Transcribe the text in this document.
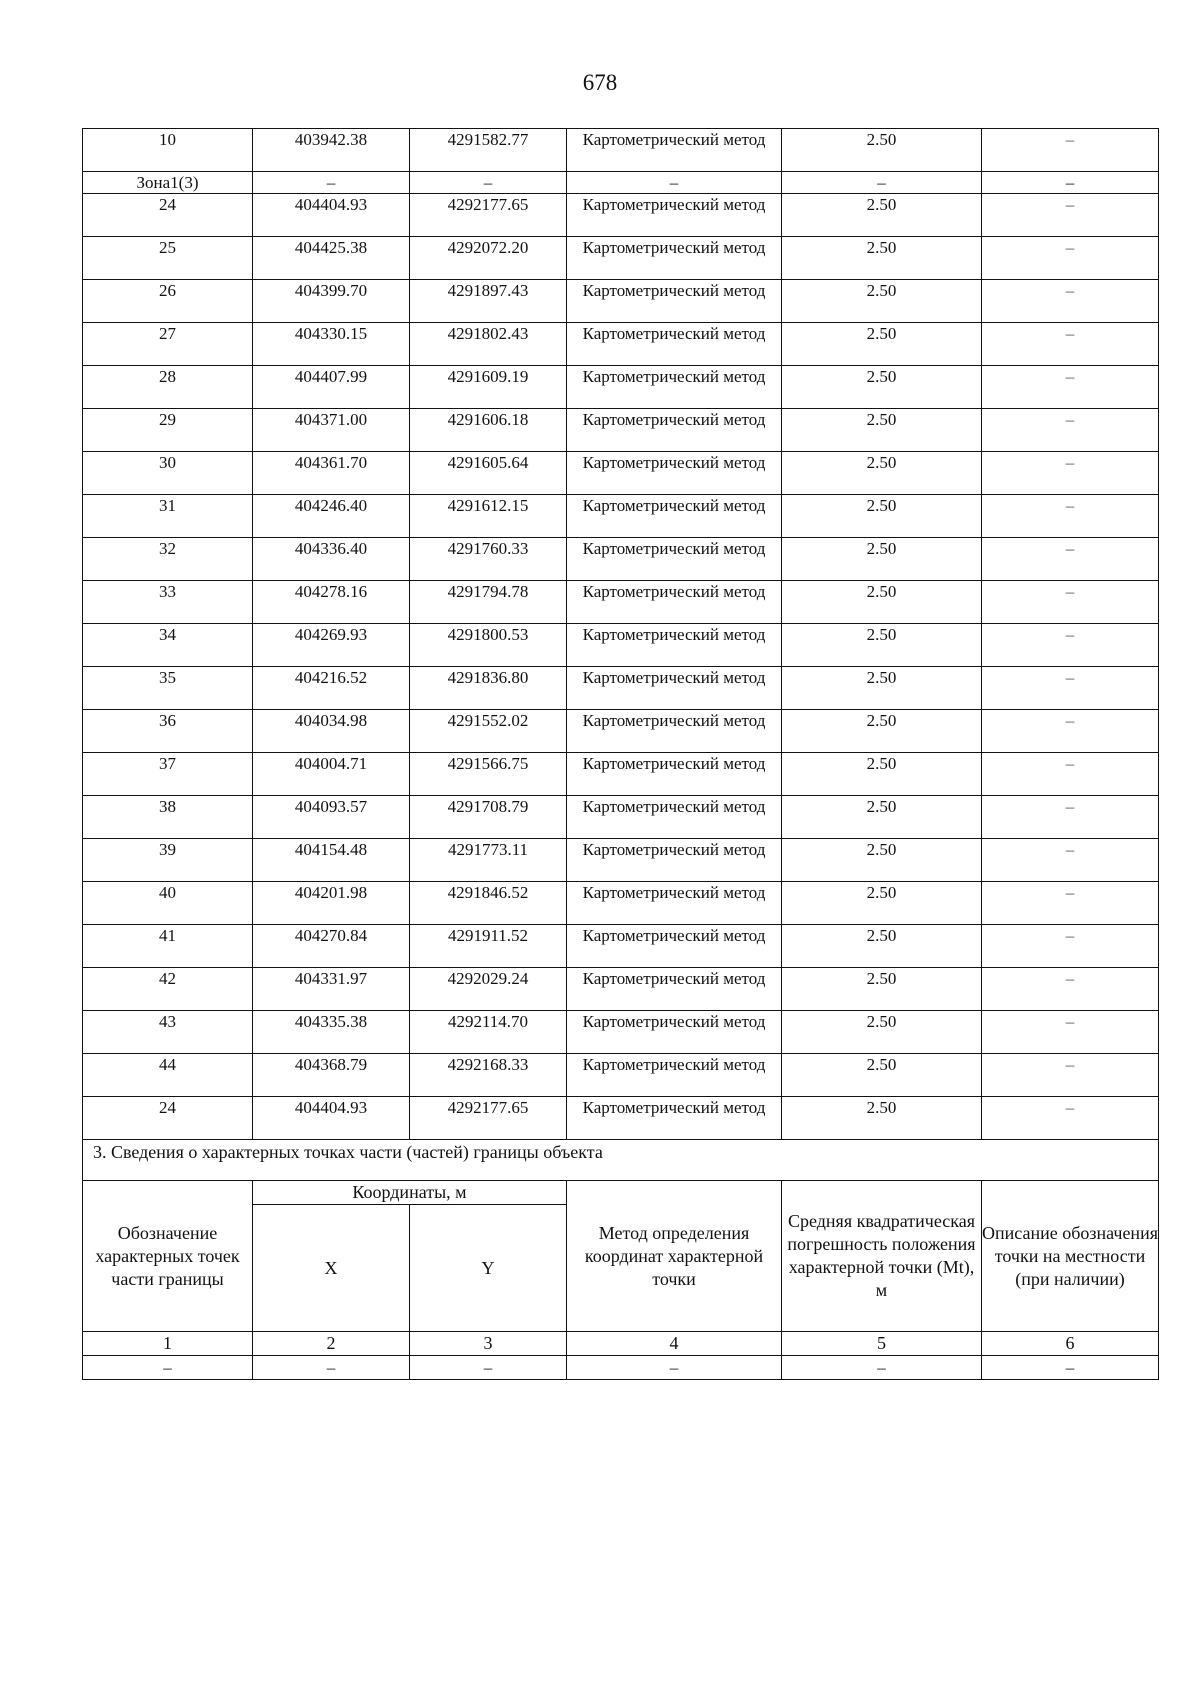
678
10	403942.38	4291582.77	Картометрический метод	2.50	–
Зона1(3)	–	–	–	–	–
24	404404.93	4292177.65	Картометрический метод	2.50	–
25	404425.38	4292072.20	Картометрический метод	2.50	–
26	404399.70	4291897.43	Картометрический метод	2.50	–
27	404330.15	4291802.43	Картометрический метод	2.50	–
28	404407.99	4291609.19	Картометрический метод	2.50	–
29	404371.00	4291606.18	Картометрический метод	2.50	–
30	404361.70	4291605.64	Картометрический метод	2.50	–
31	404246.40	4291612.15	Картометрический метод	2.50	–
32	404336.40	4291760.33	Картометрический метод	2.50	–
33	404278.16	4291794.78	Картометрический метод	2.50	–
34	404269.93	4291800.53	Картометрический метод	2.50	–
35	404216.52	4291836.80	Картометрический метод	2.50	–
36	404034.98	4291552.02	Картометрический метод	2.50	–
37	404004.71	4291566.75	Картометрический метод	2.50	–
38	404093.57	4291708.79	Картометрический метод	2.50	–
39	404154.48	4291773.11	Картометрический метод	2.50	–
40	404201.98	4291846.52	Картометрический метод	2.50	–
41	404270.84	4291911.52	Картометрический метод	2.50	–
42	404331.97	4292029.24	Картометрический метод	2.50	–
43	404335.38	4292114.70	Картометрический метод	2.50	–
44	404368.79	4292168.33	Картометрический метод	2.50	–
24	404404.93	4292177.65	Картометрический метод	2.50	–
3. Сведения о характерных точках части (частей) границы объекта					
Обозначение характерных точек части границы	Координаты, м		Метод определения координат характерной точки	Средняя квадратическая погрешность положения характерной точки (Mt), м	Описание обозначения точки на местности (при наличии)
	X	Y			
1	2	3	4	5	6
–	–	–	–	–	–
